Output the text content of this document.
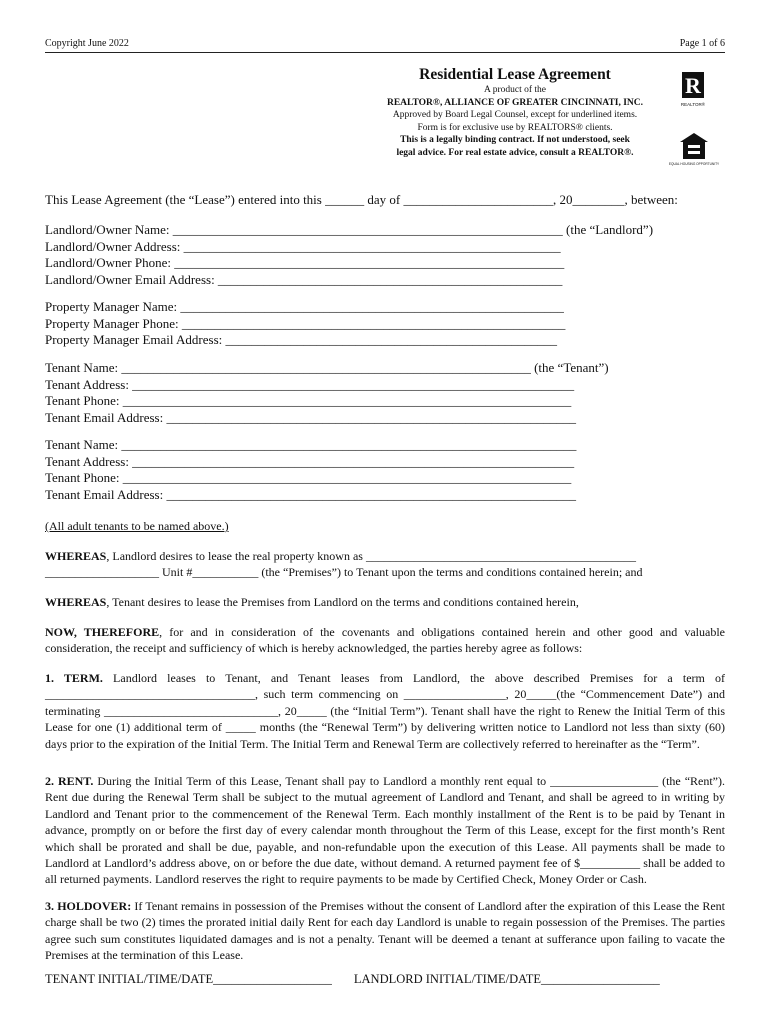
Copyright June 2022	Page 1 of 6
Residential Lease Agreement
A product of the
REALTOR®, ALLIANCE OF GREATER CINCINNATI, INC.
Approved by Board Legal Counsel, except for underlined items.
Form is for exclusive use by REALTORS® clients.
This is a legally binding contract. If not understood, seek
legal advice. For real estate advice, consult a REALTOR®.
R
REALTOR®
EQUAL HOUSING OPPORTUNITY
This Lease Agreement (the “Lease”) entered into this ______ day of _______________________, 20________, between:
Landlord/Owner Name: ____________________________________________________________ (the “Landlord”)
Landlord/Owner Address: __________________________________________________________
Landlord/Owner Phone: ____________________________________________________________
Landlord/Owner Email Address: _____________________________________________________
Property Manager Name: ___________________________________________________________
Property Manager Phone: ___________________________________________________________
Property Manager Email Address: ___________________________________________________
Tenant Name: _______________________________________________________________ (the “Tenant”)
Tenant Address: ____________________________________________________________________
Tenant Phone: _____________________________________________________________________
Tenant Email Address: _______________________________________________________________
Tenant Name: ______________________________________________________________________
Tenant Address: ____________________________________________________________________
Tenant Phone: _____________________________________________________________________
Tenant Email Address: _______________________________________________________________
(All adult tenants to be named above.)
WHEREAS, Landlord desires to lease the real property known as _____________________________________________
___________________ Unit #___________ (the “Premises”) to Tenant upon the terms and conditions contained herein; and
WHEREAS, Tenant desires to lease the Premises from Landlord on the terms and conditions contained herein,
NOW, THEREFORE, for and in consideration of the covenants and obligations contained herein and other good and valuable consideration, the receipt and sufficiency of which is hereby acknowledged, the parties hereby agree as follows:
1. TERM. Landlord leases to Tenant, and Tenant leases from Landlord, the above described Premises for a term of ___________________________________, such term commencing on _________________, 20_____(the “Commencement Date”) and terminating _____________________________, 20_____ (the “Initial Term”). Tenant shall have the right to Renew the Initial Term of this Lease for one (1) additional term of _____ months (the “Renewal Term”) by delivering written notice to Landlord not less than sixty (60) days prior to the expiration of the Initial Term. The Initial Term and Renewal Term are collectively referred to hereinafter as the “Term”.
2. RENT. During the Initial Term of this Lease, Tenant shall pay to Landlord a monthly rent equal to __________________ (the “Rent”). Rent due during the Renewal Term shall be subject to the mutual agreement of Landlord and Tenant, and shall be agreed to in writing by Landlord and Tenant prior to the commencement of the Renewal Term. Each monthly installment of the Rent is to be paid by Tenant in advance, promptly on or before the first day of every calendar month throughout the Term of this Lease, except for the first month’s Rent which shall be prorated and shall be due, payable, and non-refundable upon the execution of this Lease. All payments shall be made to Landlord at Landlord’s address above, on or before the due date, without demand. A returned payment fee of $__________ shall be added to all returned payments. Landlord reserves the right to require payments to be made by Certified Check, Money Order or Cash.
3. HOLDOVER: If Tenant remains in possession of the Premises without the consent of Landlord after the expiration of this Lease the Rent charge shall be two (2) times the prorated initial daily Rent for each day Landlord is unable to regain possession of the Premises. The parties agree such sum constitutes liquidated damages and is not a penalty. Tenant will be deemed a tenant at sufferance upon failing to vacate the Premises at the termination of this Lease.
TENANT INITIAL/TIME/DATE___________________ LANDLORD INITIAL/TIME/DATE___________________
